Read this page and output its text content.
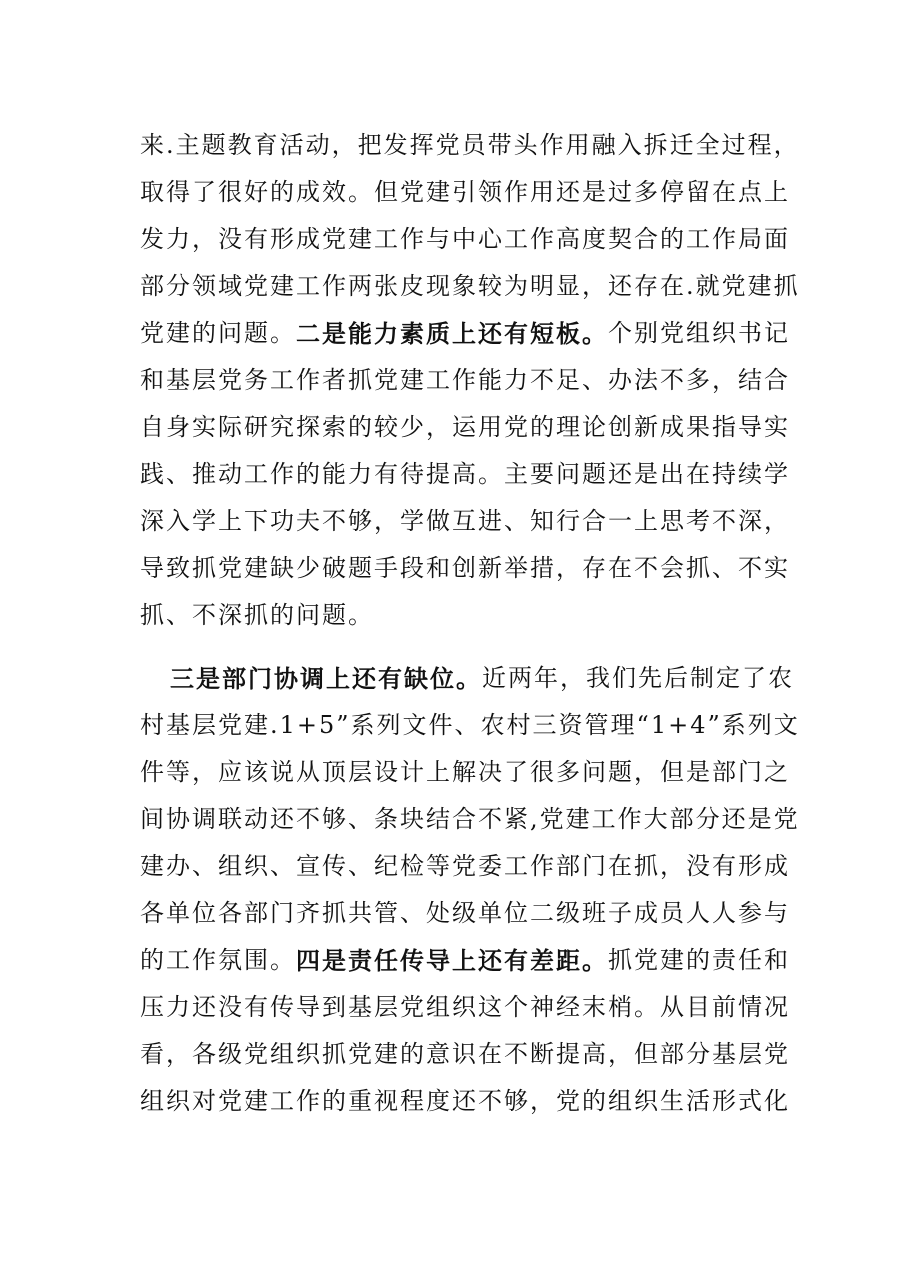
来.主题教育活动，把发挥党员带头作用融入拆迁全过程，
取得了很好的成效。但党建引领作用还是过多停留在点上
发力，没有形成党建工作与中心工作高度契合的工作局面
部分领域党建工作两张皮现象较为明显，还存在.就党建抓
党建的问题。 二是能力素质上还有短板。 个别党组织书记
和基层党务工作者抓党建工作能力不足、办法不多，结合
自身实际研究探索的较少，运用党的理论创新成果指导实
践、推动工作的能力有待提高。主要问题还是出在持续学
深入学上下功夫不够，学做互进、知行合一上思考不深，
导致抓党建缺少破题手段和创新举措，存在不会抓、不实
抓、不深抓的问题。
三是部门协调上还有缺位。 近两年，我们先后制定了农
村基层党建.1+5”系列文件、农村三资管理“1+4”系列文
件等，应该说从顶层设计上解决了很多问题，但是部门之
间协调联动还不够、条块结合不紧,党建工作大部分还是党
建办、组织、宣传、纪检等党委工作部门在抓，没有形成
各单位各部门齐抓共管、处级单位二级班子成员人人参与
的工作氛围。 四是责任传导上还有差距。 抓党建的责任和
压力还没有传导到基层党组织这个神经末梢。从目前情况
看，各级党组织抓党建的意识在不断提高，但部分基层党
组织对党建工作的重视程度还不够，党的组织生活形式化
